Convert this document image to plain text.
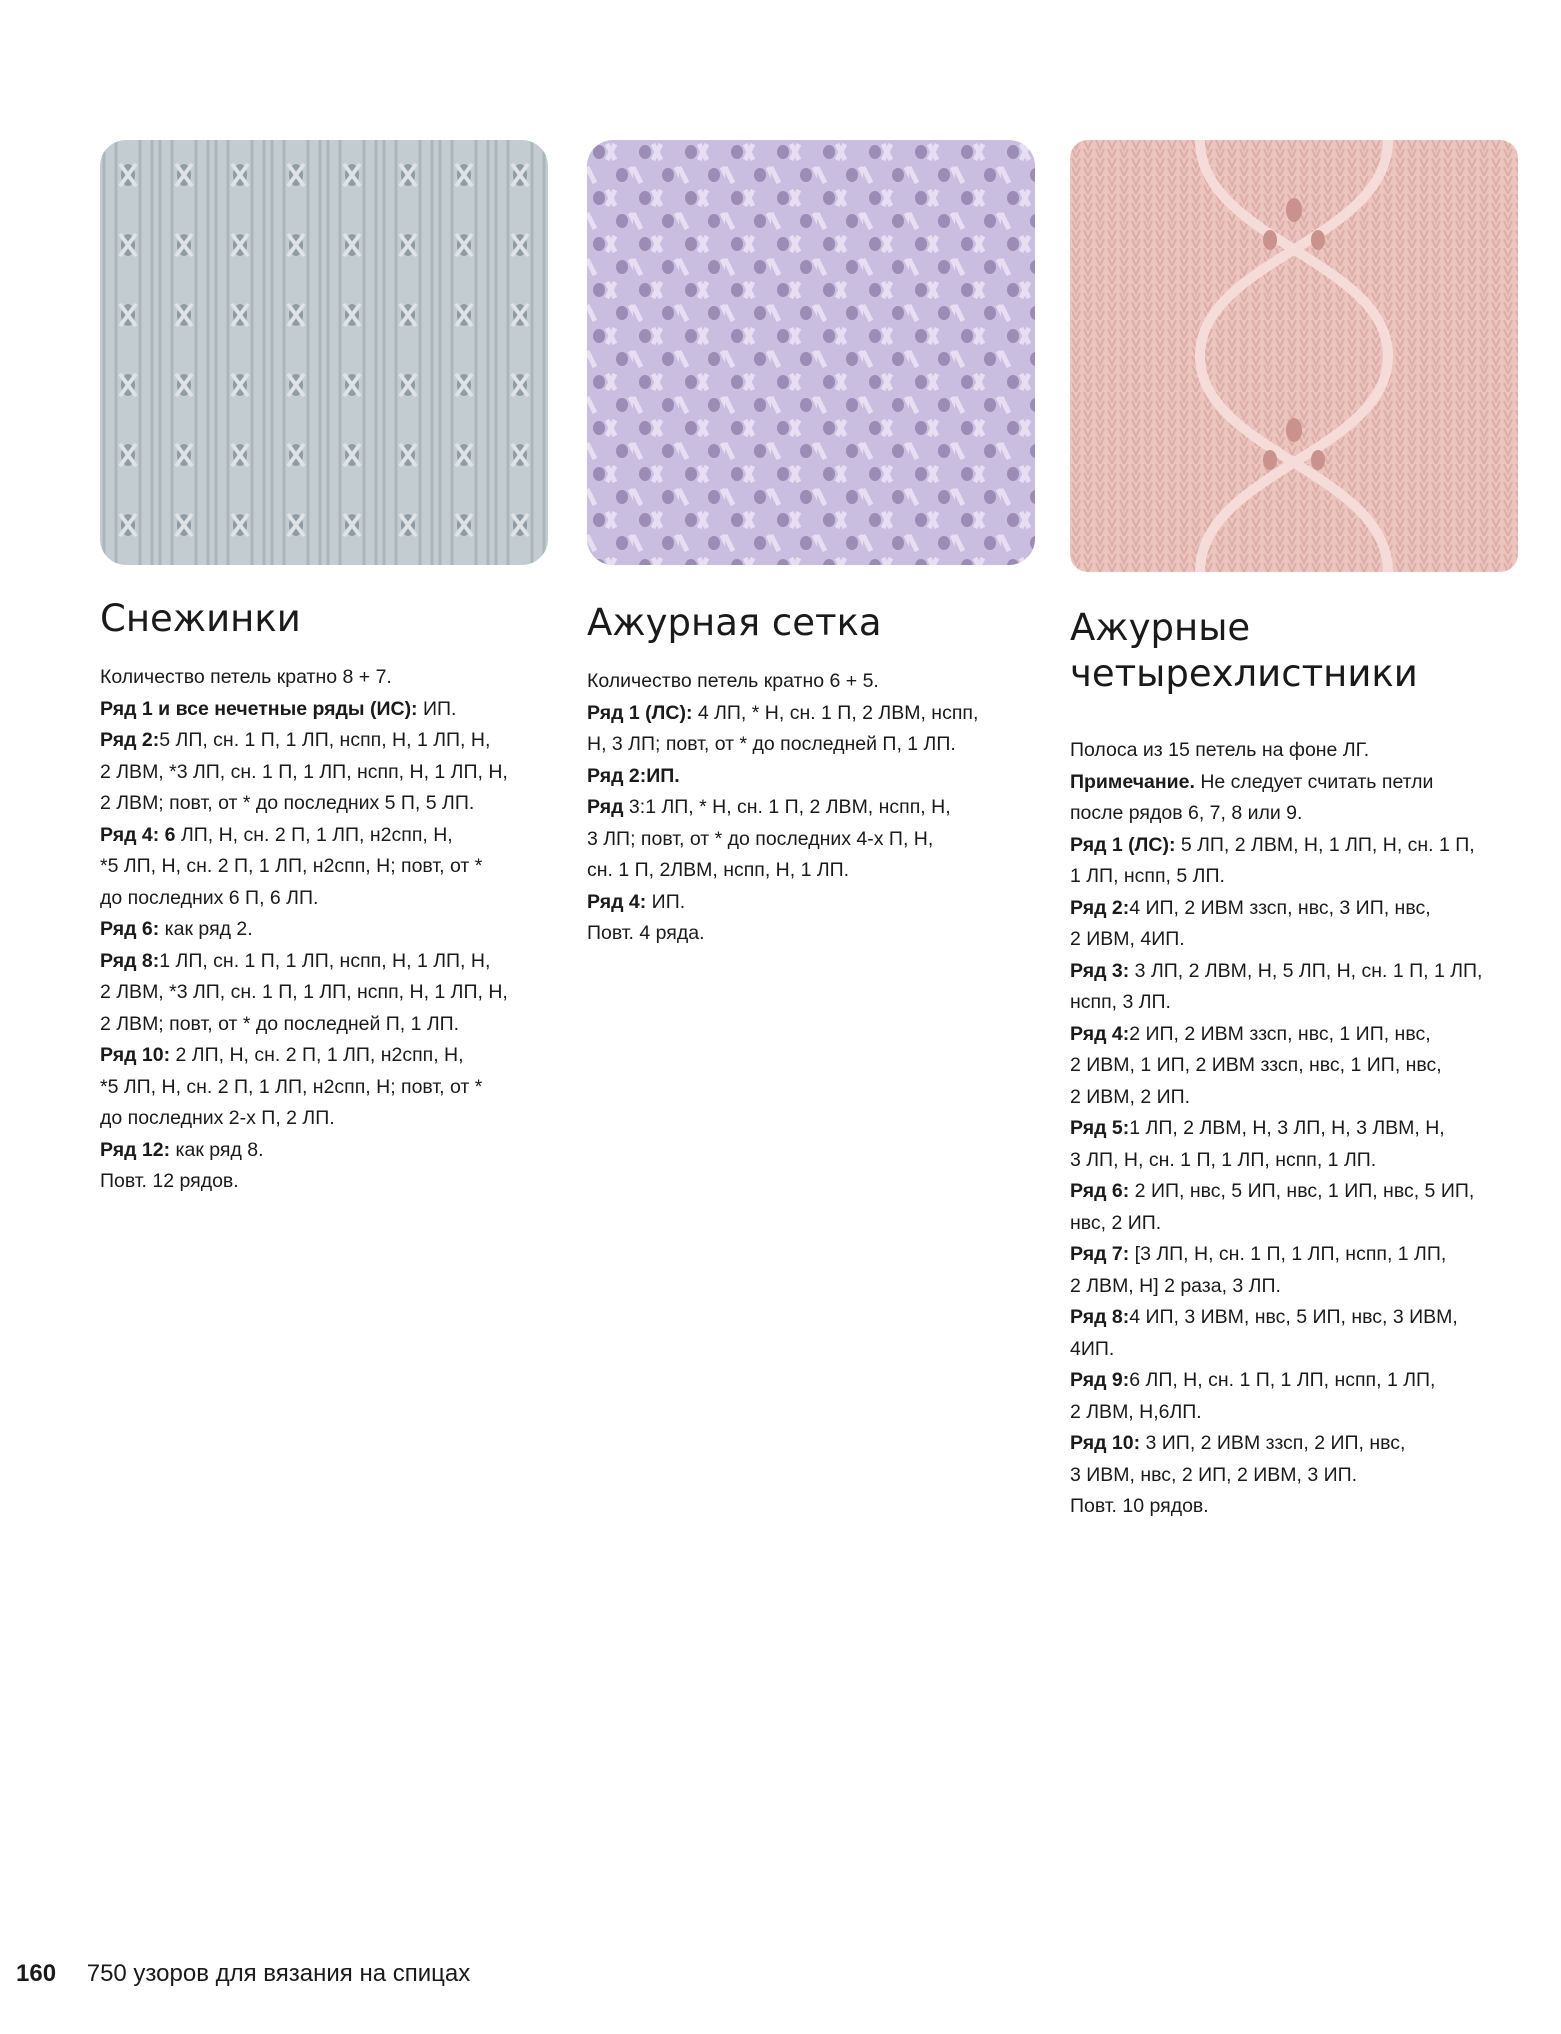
Снежинки
Количество петель кратно 8 + 7.
Ряд 1 и все нечетные ряды (ИС): ИП.
Ряд 2:5 ЛП, сн. 1 П, 1 ЛП, нспп, Н, 1 ЛП, Н,
2 ЛВМ, *3 ЛП, сн. 1 П, 1 ЛП, нспп, Н, 1 ЛП, Н,
2 ЛВМ; повт, от * до последних 5 П, 5 ЛП.
Ряд 4: 6 ЛП, Н, сн. 2 П, 1 ЛП, н2спп, Н,
*5 ЛП, Н, сн. 2 П, 1 ЛП, н2спп, Н; повт, от *
до последних 6 П, 6 ЛП.
Ряд 6: как ряд 2.
Ряд 8:1 ЛП, сн. 1 П, 1 ЛП, нспп, Н, 1 ЛП, Н,
2 ЛВМ, *3 ЛП, сн. 1 П, 1 ЛП, нспп, Н, 1 ЛП, Н,
2 ЛВМ; повт, от * до последней П, 1 ЛП.
Ряд 10: 2 ЛП, Н, сн. 2 П, 1 ЛП, н2спп, Н,
*5 ЛП, Н, сн. 2 П, 1 ЛП, н2спп, Н; повт, от *
до последних 2-х П, 2 ЛП.
Ряд 12: как ряд 8.
Повт. 12 рядов.
Ажурная сетка
Количество петель кратно 6 + 5.
Ряд 1 (ЛС): 4 ЛП, * Н, сн. 1 П, 2 ЛВМ, нспп,
Н, 3 ЛП; повт, от * до последней П, 1 ЛП.
Ряд 2:ИП.
Ряд 3:1 ЛП, * Н, сн. 1 П, 2 ЛВМ, нспп, Н,
3 ЛП; повт, от * до последних 4-х П, Н,
сн. 1 П, 2ЛВМ, нспп, Н, 1 ЛП.
Ряд 4: ИП.
Повт. 4 ряда.
Ажурные четырехлистники
Полоса из 15 петель на фоне ЛГ.
Примечание. Не следует считать петли
после рядов 6, 7, 8 или 9.
Ряд 1 (ЛС): 5 ЛП, 2 ЛВМ, Н, 1 ЛП, Н, сн. 1 П,
1 ЛП, нспп, 5 ЛП.
Ряд 2:4 ИП, 2 ИВМ ззсп, нвс, 3 ИП, нвс,
2 ИВМ, 4ИП.
Ряд 3: 3 ЛП, 2 ЛВМ, Н, 5 ЛП, Н, сн. 1 П, 1 ЛП,
нспп, 3 ЛП.
Ряд 4:2 ИП, 2 ИВМ ззсп, нвс, 1 ИП, нвс,
2 ИВМ, 1 ИП, 2 ИВМ ззсп, нвс, 1 ИП, нвс,
2 ИВМ, 2 ИП.
Ряд 5:1 ЛП, 2 ЛВМ, Н, 3 ЛП, Н, 3 ЛВМ, Н,
3 ЛП, Н, сн. 1 П, 1 ЛП, нспп, 1 ЛП.
Ряд 6: 2 ИП, нвс, 5 ИП, нвс, 1 ИП, нвс, 5 ИП,
нвс, 2 ИП.
Ряд 7: [3 ЛП, Н, сн. 1 П, 1 ЛП, нспп, 1 ЛП,
2 ЛВМ, Н] 2 раза, 3 ЛП.
Ряд 8:4 ИП, 3 ИВМ, нвс, 5 ИП, нвс, 3 ИВМ,
4ИП.
Ряд 9:6 ЛП, Н, сн. 1 П, 1 ЛП, нспп, 1 ЛП,
2 ЛВМ, Н,6ЛП.
Ряд 10: 3 ИП, 2 ИВМ ззсп, 2 ИП, нвс,
3 ИВМ, нвс, 2 ИП, 2 ИВМ, 3 ИП.
Повт. 10 рядов.
160 750 узоров для вязания на спицах
